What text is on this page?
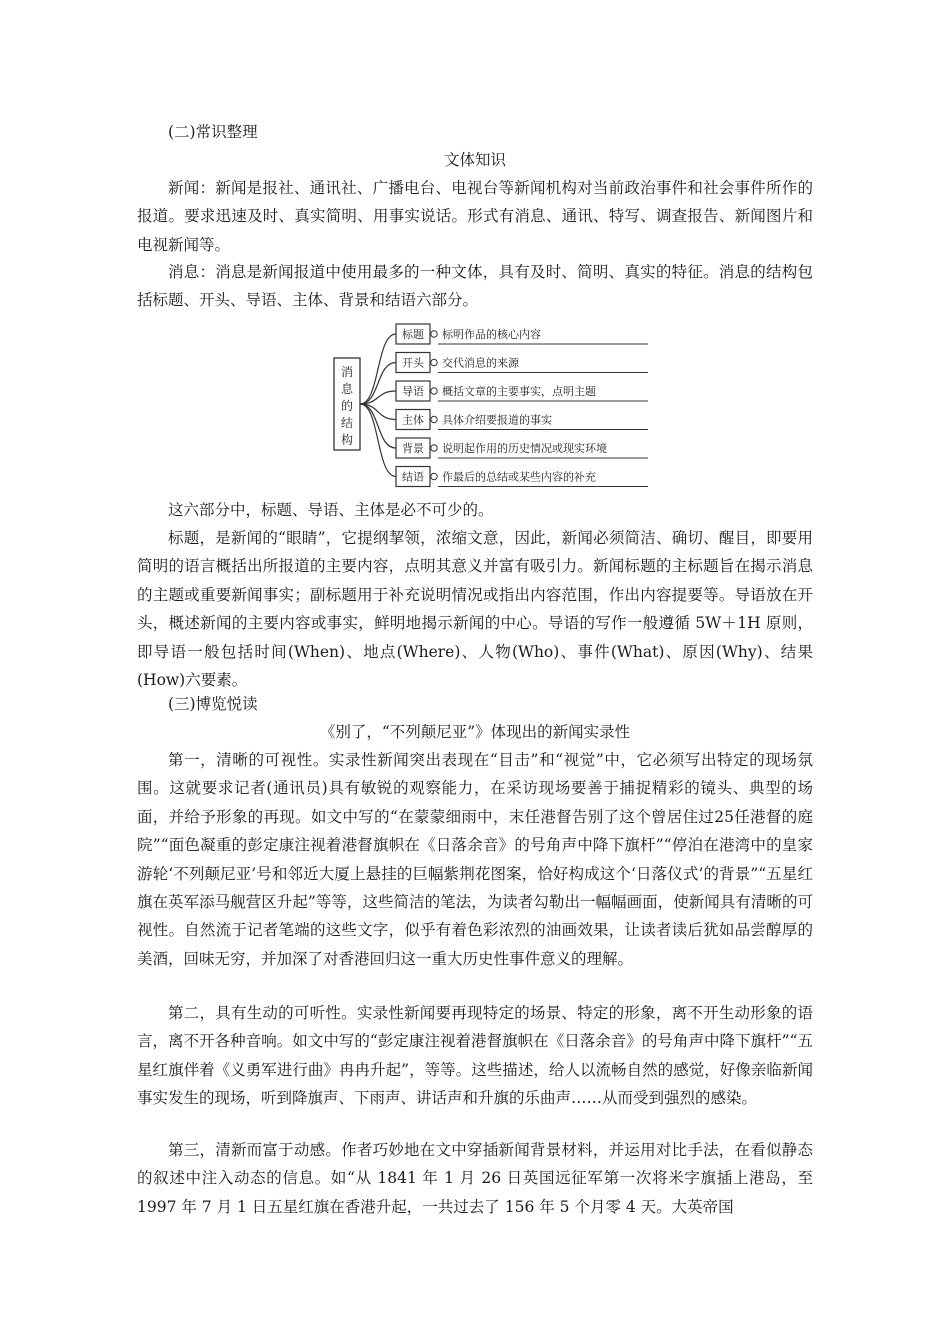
(二)常识整理
文体知识
新闻：新闻是报社、通讯社、广播电台、电视台等新闻机构对当前政治事件和社会事件所作的报道。要求迅速及时、真实简明、用事实说话。形式有消息、通讯、特写、调查报告、新闻图片和电视新闻等。
消息：消息是新闻报道中使用最多的一种文体，具有及时、简明、真实的特征。消息的结构包括标题、开头、导语、主体、背景和结语六部分。
消
息
的
结
构
标题 标明作品的核心内容
开头 交代消息的来源
导语 概括文章的主要事实，点明主题
主体 具体介绍要报道的事实
背景 说明起作用的历史情况或现实环境
结语 作最后的总结或某些内容的补充
这六部分中，标题、导语、主体是必不可少的。
标题，是新闻的“眼睛”，它提纲挈领，浓缩文意，因此，新闻必须简洁、确切、醒目，即要用简明的语言概括出所报道的主要内容，点明其意义并富有吸引力。新闻标题的主标题旨在揭示消息的主题或重要新闻事实；副标题用于补充说明情况或指出内容范围，作出内容提要等。导语放在开头，概述新闻的主要内容或事实，鲜明地揭示新闻的中心。导语的写作一般遵循 5W＋1H 原则，即导语一般包括时间(When)、地点(Where)、人物(Who)、事件(What)、原因(Why)、结果(How)六要素。
(三)博览悦读
《别了，“不列颠尼亚”》体现出的新闻实录性
第一，清晰的可视性。实录性新闻突出表现在“目击”和“视觉”中，它必须写出特定的现场氛围。这就要求记者(通讯员)具有敏锐的观察能力，在采访现场要善于捕捉精彩的镜头、典型的场面，并给予形象的再现。如文中写的“在蒙蒙细雨中，末任港督告别了这个曾居住过25任港督的庭院”“面色凝重的彭定康注视着港督旗帜在《日落余音》的号角声中降下旗杆”“停泊在港湾中的皇家游轮‘不列颠尼亚’号和邻近大厦上悬挂的巨幅紫荆花图案，恰好构成这个‘日落仪式’的背景”“五星红旗在英军添马舰营区升起”等等，这些简洁的笔法，为读者勾勒出一幅幅画面，使新闻具有清晰的可视性。自然流于记者笔端的这些文字，似乎有着色彩浓烈的油画效果，让读者读后犹如品尝醇厚的美酒，回味无穷，并加深了对香港回归这一重大历史性事件意义的理解。
第二，具有生动的可听性。实录性新闻要再现特定的场景、特定的形象，离不开生动形象的语言，离不开各种音响。如文中写的“彭定康注视着港督旗帜在《日落余音》的号角声中降下旗杆”“五星红旗伴着《义勇军进行曲》冉冉升起”，等等。这些描述，给人以流畅自然的感觉，好像亲临新闻事实发生的现场，听到降旗声、下雨声、讲话声和升旗的乐曲声……从而受到强烈的感染。
第三，清新而富于动感。作者巧妙地在文中穿插新闻背景材料，并运用对比手法，在看似静态的叙述中注入动态的信息。如“从 1841 年 1 月 26 日英国远征军第一次将米字旗插上港岛，至 1997 年 7 月 1 日五星红旗在香港升起，一共过去了 156 年 5 个月零 4 天。大英帝国
